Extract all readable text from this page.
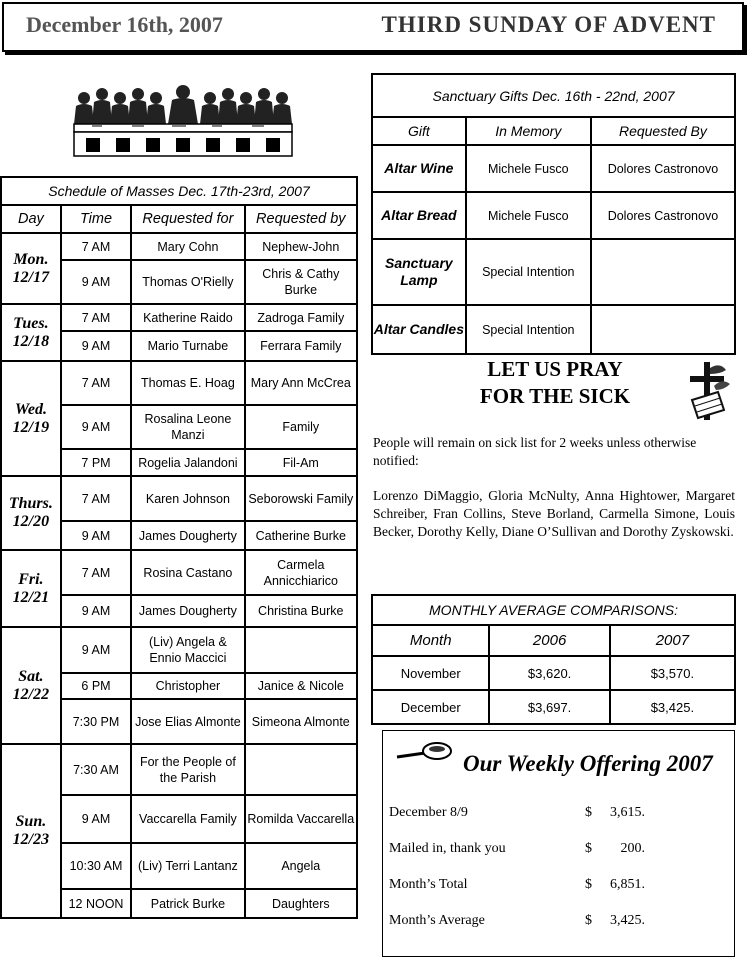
December 16th, 2007	THIRD SUNDAY OF ADVENT
Schedule of Masses Dec. 17th-23rd, 2007			
Day	Time	Requested for	Requested by

Mon.
12/17	7 AM	Mary Cohn	Nephew-John
	9 AM	Thomas O'Rielly	Chris & Cathy Burke

Tues.
12/18	7 AM	Katherine Raido	Zadroga Family
	9 AM	Mario Turnabe	Ferrara Family

Wed.
12/19	7 AM	Thomas E. Hoag	Mary Ann McCrea
	9 AM	Rosalina Leone Manzi	Family
	7 PM	Rogelia Jalandoni	Fil-Am

Thurs.
12/20	7 AM	Karen Johnson	Seborowski Family
	9 AM	James Dougherty	Catherine Burke

Fri.
12/21	7 AM	Rosina Castano	Carmela Annicchiarico
	9 AM	James Dougherty	Christina Burke

Sat.
12/22	9 AM	(Liv) Angela & Ennio Maccici	
	6 PM	Christopher	Janice & Nicole
	7:30 PM	Jose Elias Almonte	Simeona Almonte

Sun.
12/23	7:30 AM	For the People of the Parish	
	9 AM	Vaccarella Family	Romilda Vaccarella
	10:30 AM	(Liv) Terri Lantanz	Angela
	12 NOON	Patrick Burke	Daughters
Sanctuary Gifts Dec. 16th - 22nd, 2007		
Gift	In Memory	Requested By
Altar Wine	Michele Fusco	Dolores Castronovo
Altar Bread	Michele Fusco	Dolores Castronovo
Sanctuary Lamp	Special Intention	
Altar Candles	Special Intention	
LET US PRAY
FOR THE SICK
People will remain on sick list for 2 weeks unless otherwise notified:
Lorenzo DiMaggio, Gloria McNulty, Anna Hightower, Margaret Schreiber, Fran Collins, Steve Borland, Carmella Simone, Louis Becker, Dorothy Kelly, Diane O’Sullivan and Dorothy Zyskowski.
MONTHLY AVERAGE COMPARISONS:		
Month	2006	2007
November	$3,620.	$3,570.
December	$3,697.	$3,425.
Our Weekly Offering 2007
December 8/9	$	3,615.
Mailed in, thank you	$	200.
Month’s Total	$	6,851.
Month’s Average	$	3,425.
